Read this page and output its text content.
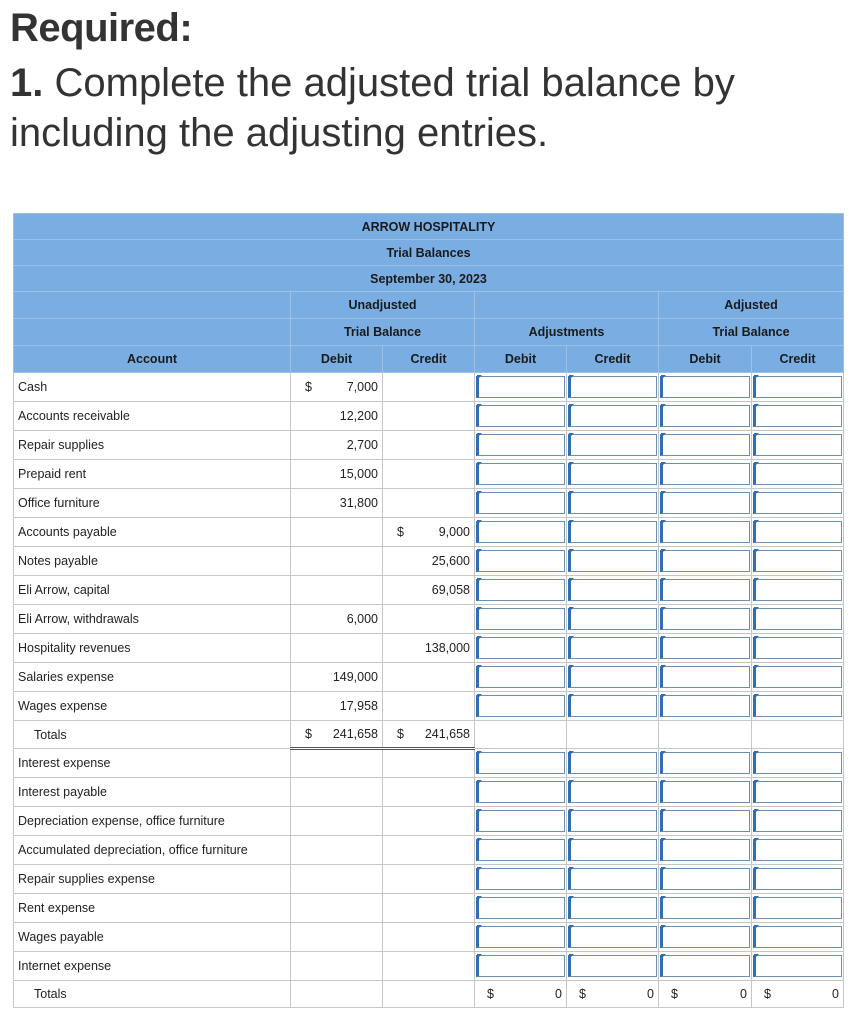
Required:
1. Complete the adjusted trial balance by including the adjusting entries.
ARROW HOSPITALITY						
Trial Balances						
September 30, 2023						
	Unadjusted				Adjusted	
	Trial Balance		Adjustments		Trial Balance	
Account	Debit	Credit	Debit	Credit	Debit	Credit
Cash	$ 7,000		

Accounts receivable	12,200		

Repair supplies	2,700		

Prepaid rent	15,000		

Office furniture	31,800		

Accounts payable		$ 9,000	

Notes payable		25,600	

Eli Arrow, capital		69,058	

Eli Arrow, withdrawals	6,000		

Hospitality revenues		138,000	

Salaries expense	149,000		

Wages expense	17,958		

Totals	$ 241,658	$ 241,658				
Interest expense			

Interest payable			

Depreciation expense, office furniture			

Accumulated depreciation, office furniture			

Repair supplies expense			

Rent expense			

Wages payable			

Internet expense			

Totals			$ 0	$ 0	$ 0	$ 0
